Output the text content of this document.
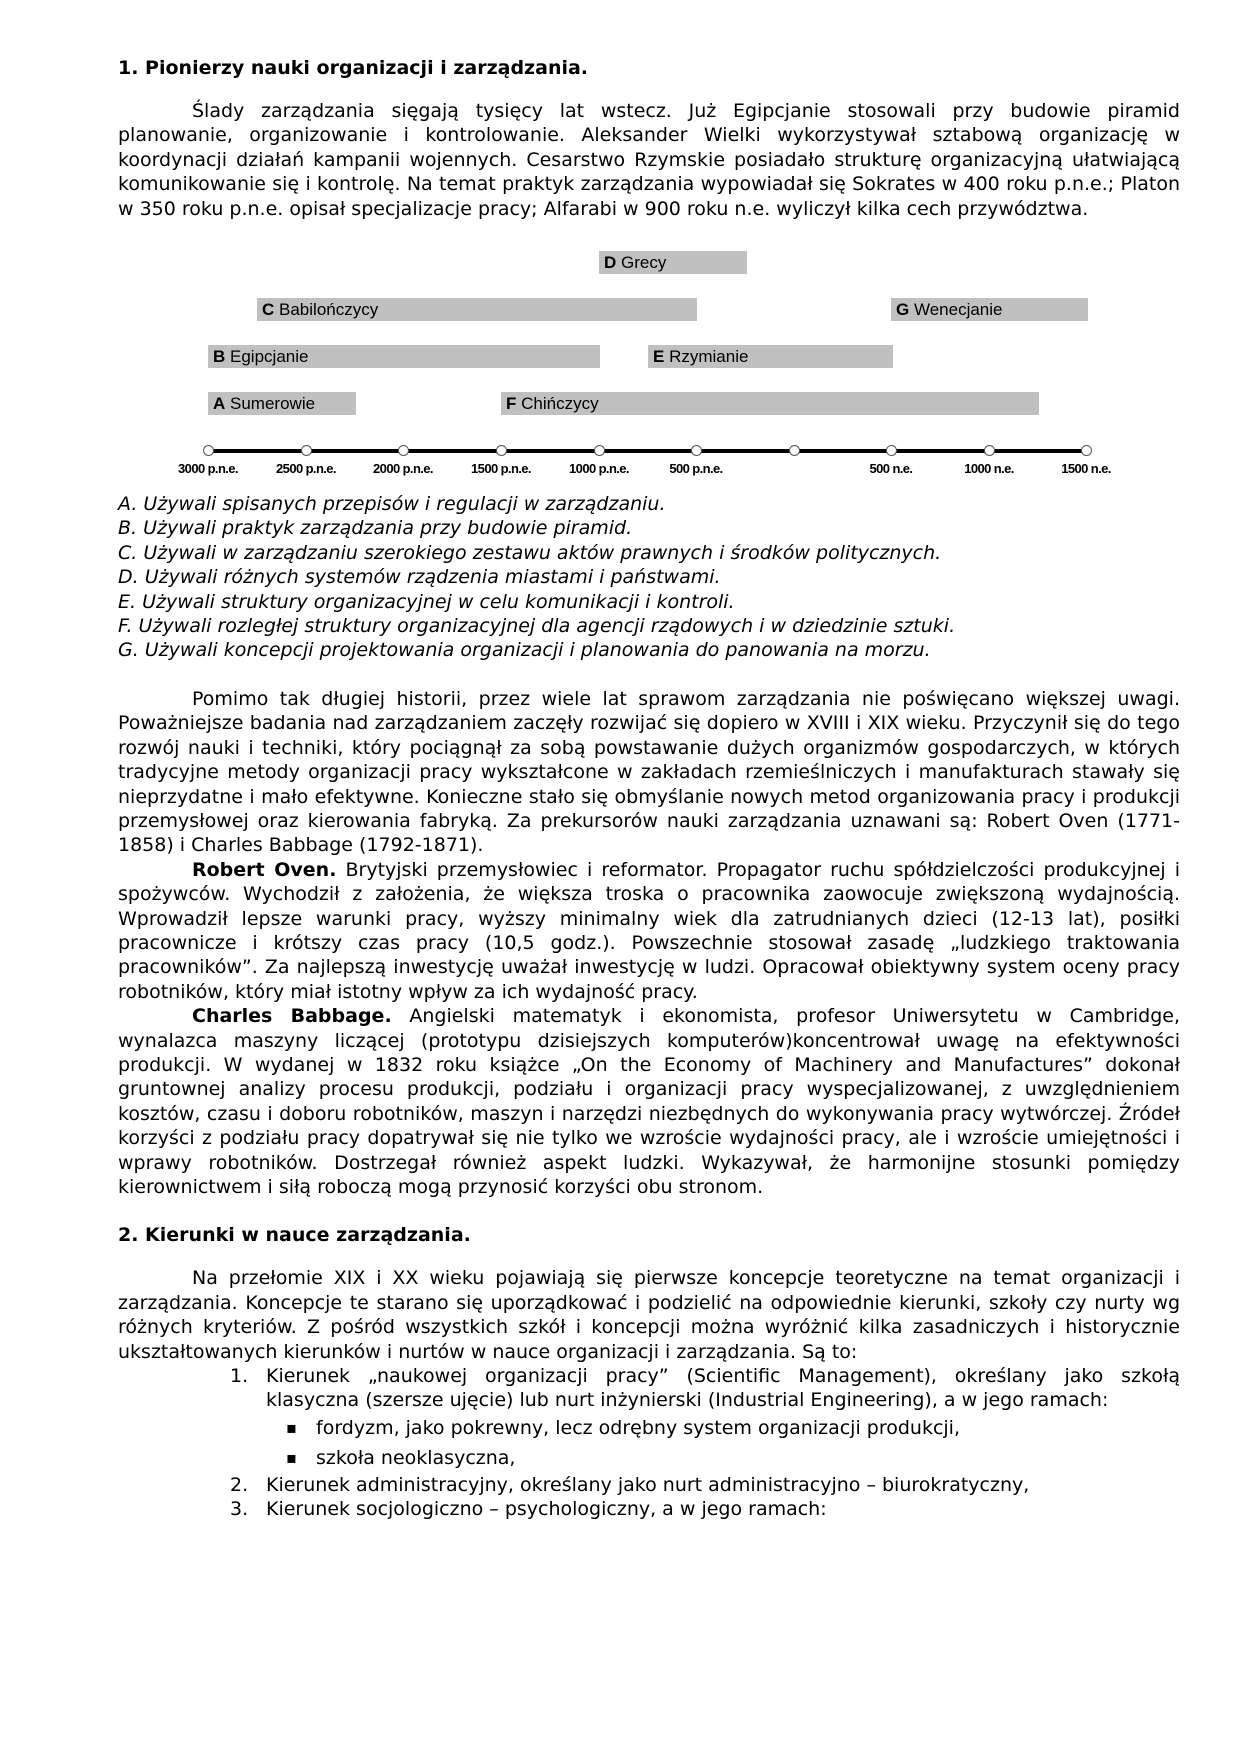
1. Pionierzy nauki organizacji i zarządzania.

Ślady zarządzania sięgają tysięcy lat wstecz. Już Egipcjanie stosowali przy budowie piramid planowanie, organizowanie i kontrolowanie. Aleksander Wielki wykorzystywał sztabową organizację w koordynacji działań kampanii wojennych. Cesarstwo Rzymskie posiadało strukturę organizacyjną ułatwiającą komunikowanie się i kontrolę. Na temat praktyk zarządzania wypowiadał się Sokrates w 400 roku p.n.e.; Platon w 350 roku p.n.e. opisał specjalizacje pracy; Alfarabi w 900 roku n.e. wyliczył kilka cech przywództwa.

D Grecy
C Babilończycy	G Wenecjanie
B Egipcjanie	E Rzymianie
A Sumerowie	F Chińczycy
3000 p.n.e.	2500 p.n.e.	2000 p.n.e.	1500 p.n.e.	1000 p.n.e.	500 p.n.e.	500 n.e.	1000 n.e.	1500 n.e.

A. Używali spisanych przepisów i regulacji w zarządzaniu.

B. Używali praktyk zarządzania przy budowie piramid.

C. Używali w zarządzaniu szerokiego zestawu aktów prawnych i środków politycznych.

D. Używali różnych systemów rządzenia miastami i państwami.

E. Używali struktury organizacyjnej w celu komunikacji i kontroli.

F. Używali rozległej struktury organizacyjnej dla agencji rządowych i w dziedzinie sztuki.

G. Używali koncepcji projektowania organizacji i planowania do panowania na morzu.

Pomimo tak długiej historii, przez wiele lat sprawom zarządzania nie poświęcano większej uwagi. Poważniejsze badania nad zarządzaniem zaczęły rozwijać się dopiero w XVIII i XIX wieku. Przyczynił się do tego rozwój nauki i techniki, który pociągnął za sobą powstawanie dużych organizmów gospodarczych, w których tradycyjne metody organizacji pracy wykształcone w zakładach rzemieślniczych i manufakturach stawały się nieprzydatne i mało efektywne. Konieczne stało się obmyślanie nowych metod organizowania pracy i produkcji przemysłowej oraz kierowania fabryką. Za prekursorów nauki zarządzania uznawani są: Robert Oven (1771-1858) i Charles Babbage (1792-1871).

Robert Oven. Brytyjski przemysłowiec i reformator. Propagator ruchu spółdzielczości produkcyjnej i spożywców. Wychodził z założenia, że większa troska o pracownika zaowocuje zwiększoną wydajnością. Wprowadził lepsze warunki pracy, wyższy minimalny wiek dla zatrudnianych dzieci (12-13 lat), posiłki pracownicze i krótszy czas pracy (10,5 godz.). Powszechnie stosował zasadę „ludzkiego traktowania pracowników”. Za najlepszą inwestycję uważał inwestycję w ludzi. Opracował obiektywny system oceny pracy robotników, który miał istotny wpływ za ich wydajność pracy.

Charles Babbage. Angielski matematyk i ekonomista, profesor Uniwersytetu w Cambridge, wynalazca maszyny liczącej (prototypu dzisiejszych komputerów)koncentrował uwagę na efektywności produkcji. W wydanej w 1832 roku książce „On the Economy of Machinery and Manufactures” dokonał gruntownej analizy procesu produkcji, podziału i organizacji pracy wyspecjalizowanej, z uwzględnieniem kosztów, czasu i doboru robotników, maszyn i narzędzi niezbędnych do wykonywania pracy wytwórczej. Źródeł korzyści z podziału pracy dopatrywał się nie tylko we wzroście wydajności pracy, ale i wzroście umiejętności i wprawy robotników. Dostrzegał również aspekt ludzki. Wykazywał, że harmonijne stosunki pomiędzy kierownictwem i siłą roboczą mogą przynosić korzyści obu stronom.

2. Kierunki w nauce zarządzania.

Na przełomie XIX i XX wieku pojawiają się pierwsze koncepcje teoretyczne na temat organizacji i zarządzania. Koncepcje te starano się uporządkować i podzielić na odpowiednie kierunki, szkoły czy nurty wg różnych kryteriów. Z pośród wszystkich szkół i koncepcji można wyróżnić kilka zasadniczych i historycznie ukształtowanych kierunków i nurtów w nauce organizacji i zarządzania. Są to:

1. Kierunek „naukowej organizacji pracy” (Scientific Management), określany jako szkołą klasyczna (szersze ujęcie) lub nurt inżynierski (Industrial Engineering), a w jego ramach:
▪ fordyzm, jako pokrewny, lecz odrębny system organizacji produkcji,
▪ szkoła neoklasyczna,
2. Kierunek administracyjny, określany jako nurt administracyjno – biurokratyczny,
3. Kierunek socjologiczno – psychologiczny, a w jego ramach:
